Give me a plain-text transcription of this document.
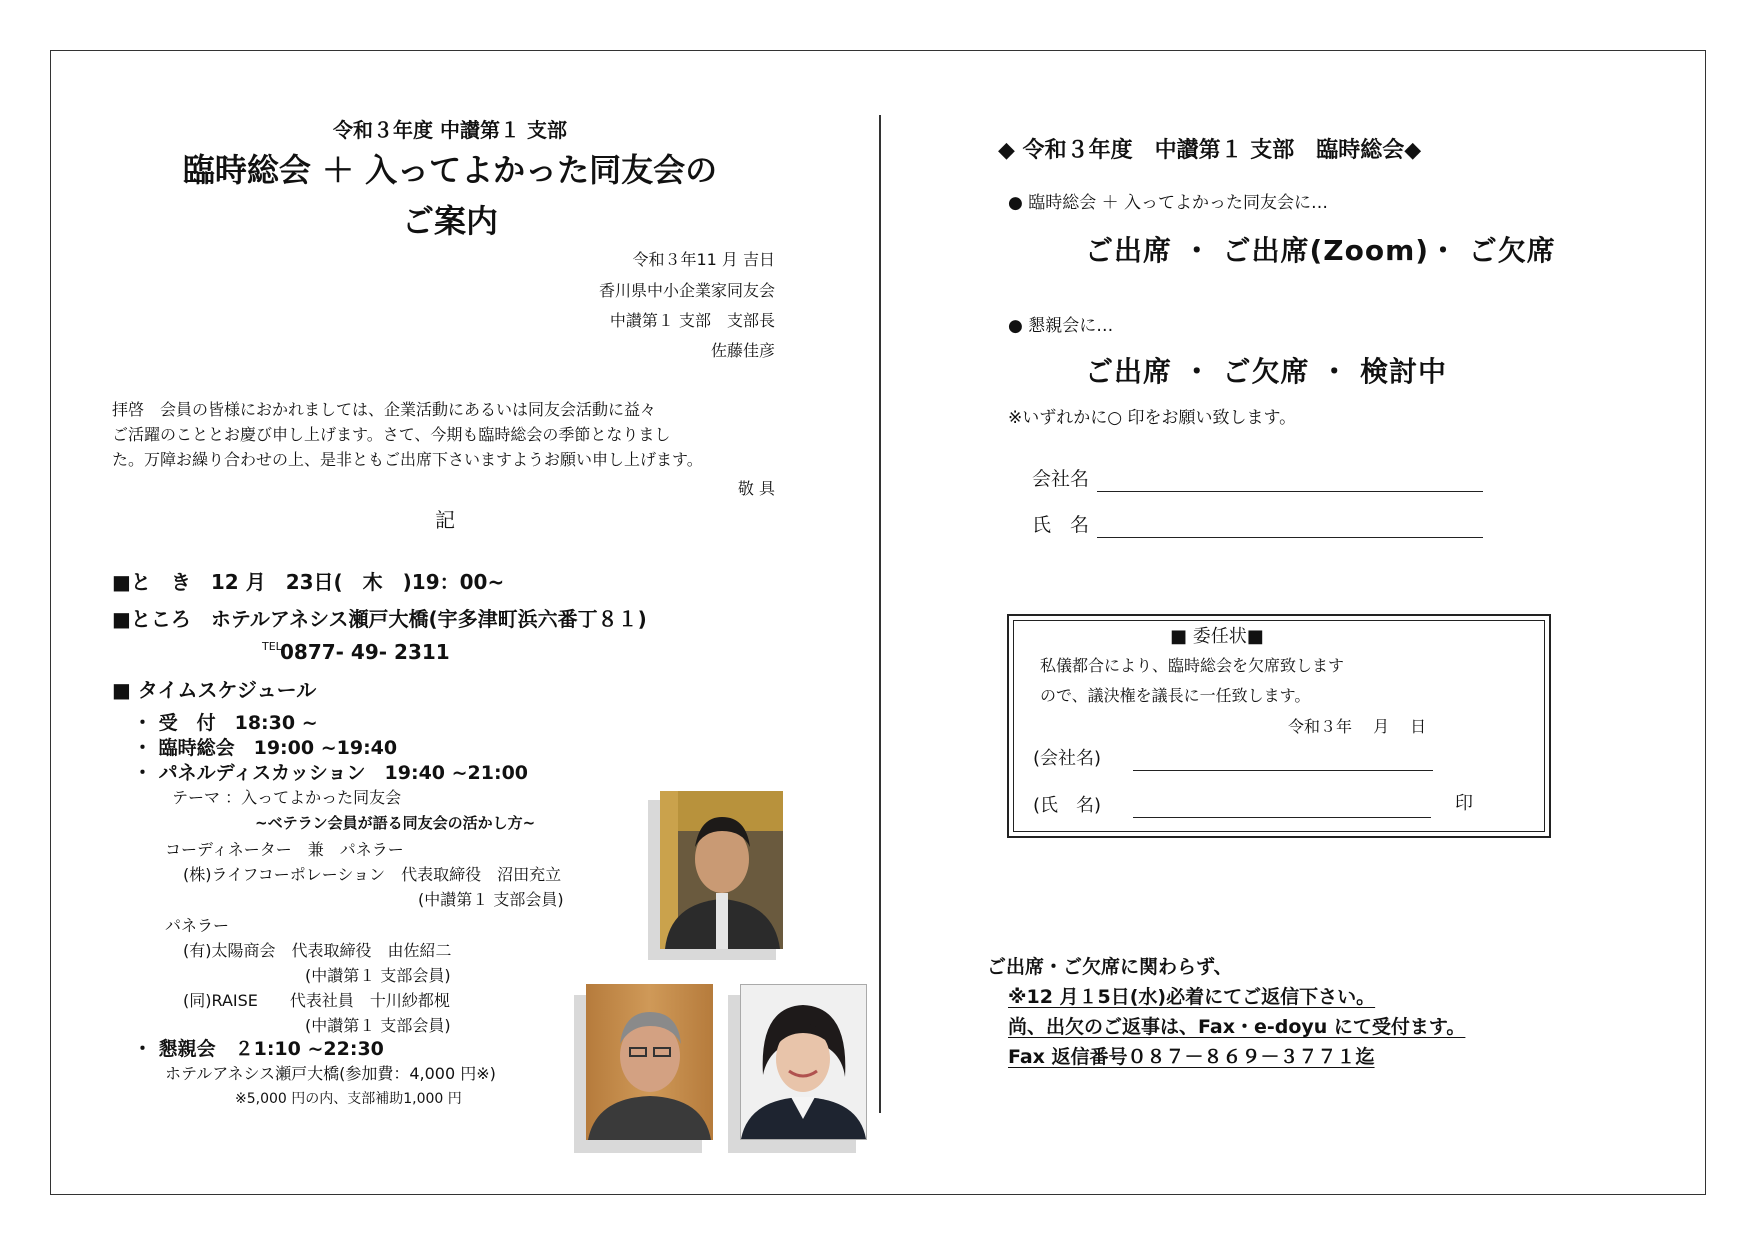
令和３年度 中讃第１ 支部
臨時総会 ＋ 入ってよかった同友会の
ご案内
令和３年11 月 吉日
香川県中小企業家同友会
中讃第１ 支部　支部長
佐藤佳彦
拝啓　会員の皆様におかれましては、企業活動にあるいは同友会活動に益々
ご活躍のこととお慶び申し上げます。さて、今期も臨時総会の季節となりまし
た。万障お繰り合わせの上、是非ともご出席下さいますようお願い申し上げます。
敬 具
記
■と　き　12 月　23日(　木　)19：00~
■ところ　ホテルアネシス瀬戸大橋(宇多津町浜六番丁８１)
TEL
0877‐ 49‐ 2311
■ タイムスケジュール
・ 受　付　18:30 ~
・ 臨時総会　19:00 ~19:40
・ パネルディスカッション　19:40 ~21:00
テーマ ：入ってよかった同友会
~ベテラン会員が語る同友会の活かし方~
コーディネーター　兼　パネラー
(株)ライフコーポレーション　代表取締役　沼田充立
(中讃第１ 支部会員)
パネラー
(有)太陽商会　代表取締役　由佐紹二
(中讃第１ 支部会員)
(同)RAISE　　代表社員　十川紗都枧
(中讃第１ 支部会員)
・ 懇親会　２1:10 ~22:30
ホテルアネシス瀬戸大橋(参加費：4,000 円※)
※5,000 円の内、支部補助1,000 円
◆ 令和３年度　中讃第１ 支部　臨時総会◆
● 臨時総会 ＋ 入ってよかった同友会に…
ご出席 ・ ご出席(Zoom)・ ご欠席
● 懇親会に…
ご出席 ・ ご欠席 ・ 検討中
※いずれかに○ 印をお願い致します。
会社名
氏　名
■ 委任状■
私儀都合により、臨時総会を欠席致します
ので、議決権を議長に一任致します。
令和３年　 月　 日
(会社名)
(氏　名)	印
ご出席・ご欠席に関わらず、
※12 月１5日(水)必着にてご返信下さい。
尚、出欠のご返事は、Fax・e-doyu にて受付ます。
Fax 返信番号０８７－８６９－３７７１迄
